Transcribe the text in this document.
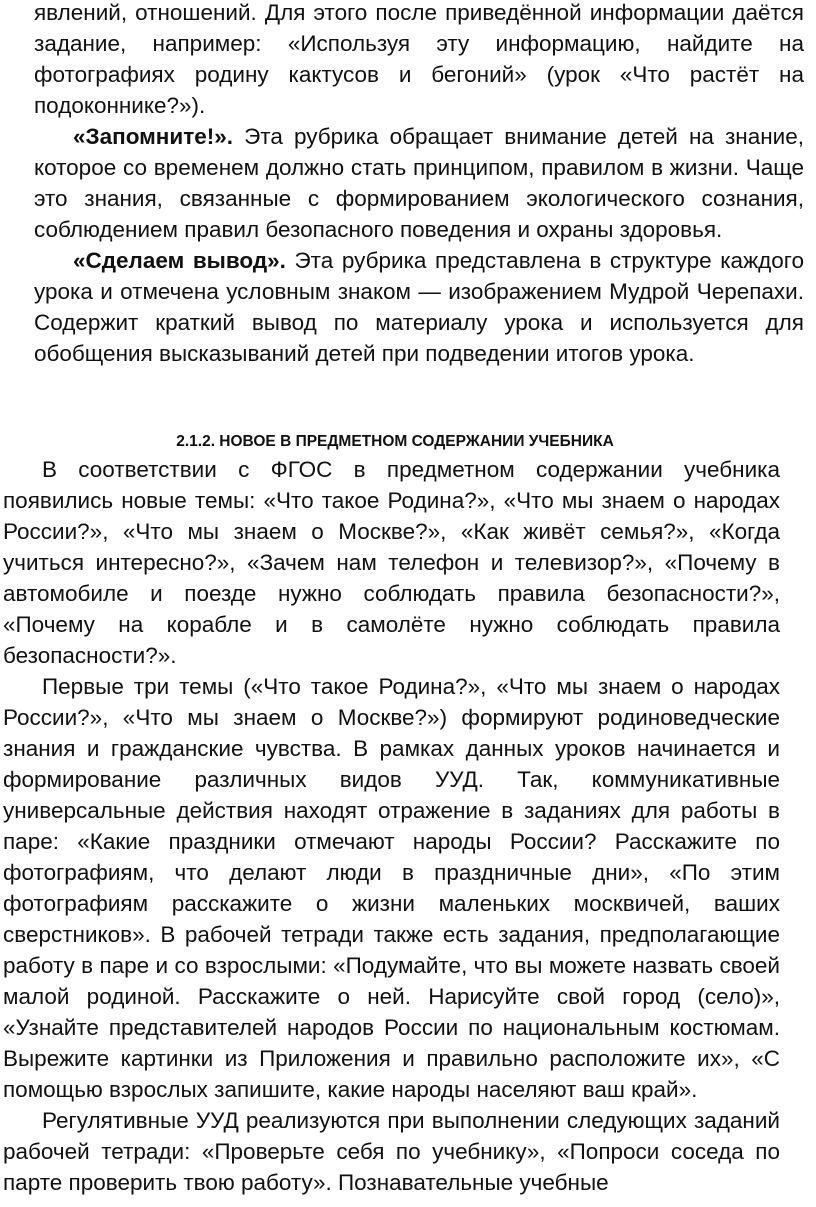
явлений, отношений. Для этого после приведённой информации даётся задание, например: «Используя эту информацию, найдите на фотографиях родину кактусов и бегоний» (урок «Что растёт на подоконнике?»).

«Запомните!». Эта рубрика обращает внимание детей на знание, которое со временем должно стать принципом, правилом в жизни. Чаще это знания, связанные с формированием экологического сознания, соблюдением правил безопасного поведения и охраны здоровья.

«Сделаем вывод». Эта рубрика представлена в структуре каждого урока и отмечена условным знаком — изображением Мудрой Черепахи. Содержит краткий вывод по материалу урока и используется для обобщения высказываний детей при подведении итогов урока.

2.1.2. НОВОЕ В ПРЕДМЕТНОМ СОДЕРЖАНИИ УЧЕБНИКА

В соответствии с ФГОС в предметном содержании учебника появились новые темы: «Что такое Родина?», «Что мы знаем о народах России?», «Что мы знаем о Москве?», «Как живёт семья?», «Когда учиться интересно?», «Зачем нам телефон и телевизор?», «Почему в автомобиле и поезде нужно соблюдать правила безопасности?», «Почему на корабле и в самолёте нужно соблюдать правила безопасности?».

Первые три темы («Что такое Родина?», «Что мы знаем о народах России?», «Что мы знаем о Москве?») формируют родиноведческие знания и гражданские чувства. В рамках данных уроков начинается и формирование различных видов УУД. Так, коммуникативные универсальные действия находят отражение в заданиях для работы в паре: «Какие праздники отмечают народы России? Расскажите по фотографиям, что делают люди в праздничные дни», «По этим фотографиям расскажите о жизни маленьких москвичей, ваших сверстников». В рабочей тетради также есть задания, предполагающие работу в паре и со взрослыми: «Подумайте, что вы можете назвать своей малой родиной. Расскажите о ней. Нарисуйте свой город (село)», «Узнайте представителей народов России по национальным костюмам. Вырежите картинки из Приложения и правильно расположите их», «С помощью взрослых запишите, какие народы населяют ваш край».

Регулятивные УУД реализуются при выполнении следующих заданий рабочей тетради: «Проверьте себя по учебнику», «Попроси соседа по парте проверить твою работу». Познавательные учебные
